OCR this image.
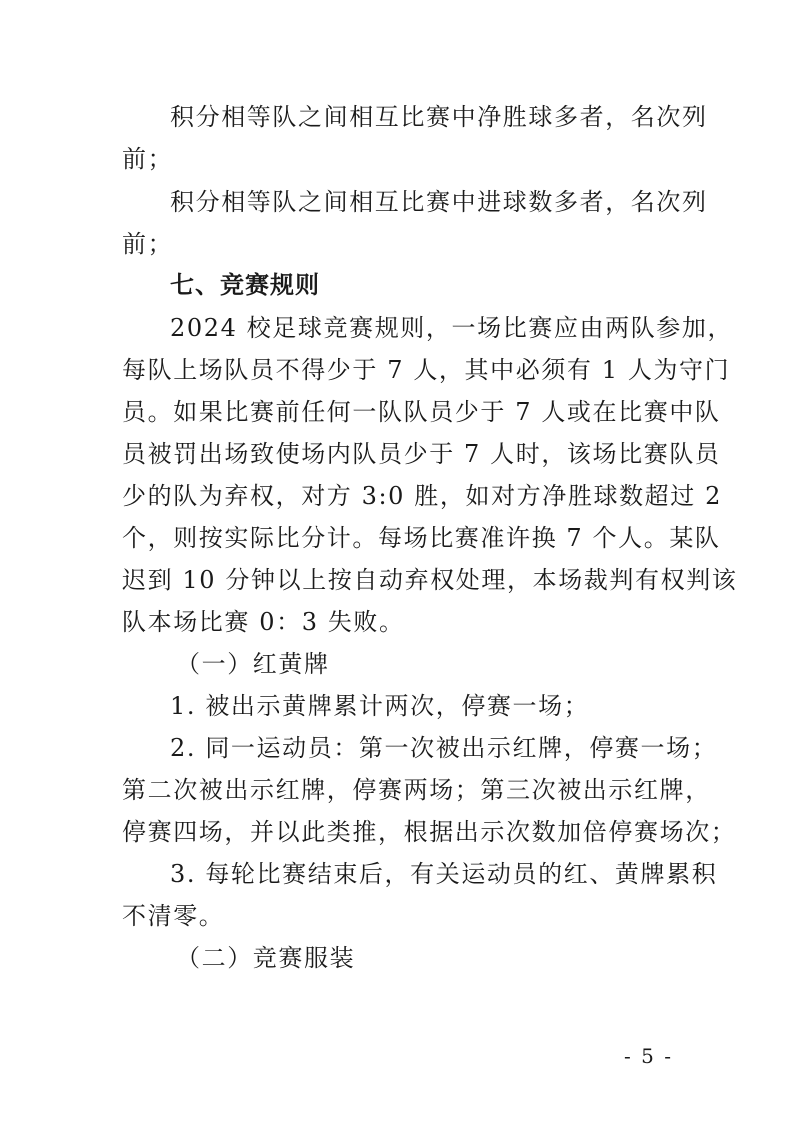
积分相等队之间相互比赛中净胜球多者，名次列
前；
积分相等队之间相互比赛中进球数多者，名次列
前；
七、竞赛规则
2024 校足球竞赛规则，一场比赛应由两队参加，
每队上场队员不得少于 7 人，其中必须有 1 人为守门
员。如果比赛前任何一队队员少于 7 人或在比赛中队
员被罚出场致使场内队员少于 7 人时，该场比赛队员
少的队为弃权，对方 3:0 胜，如对方净胜球数超过 2
个，则按实际比分计。每场比赛准许换 7 个人。某队
迟到 10 分钟以上按自动弃权处理，本场裁判有权判该
队本场比赛 0：3 失败。
（一）红黄牌
1. 被出示黄牌累计两次，停赛一场；
2. 同一运动员：第一次被出示红牌，停赛一场；
第二次被出示红牌，停赛两场；第三次被出示红牌，
停赛四场，并以此类推，根据出示次数加倍停赛场次；
3. 每轮比赛结束后，有关运动员的红、黄牌累积
不清零。
（二）竞赛服装
- 5 -
